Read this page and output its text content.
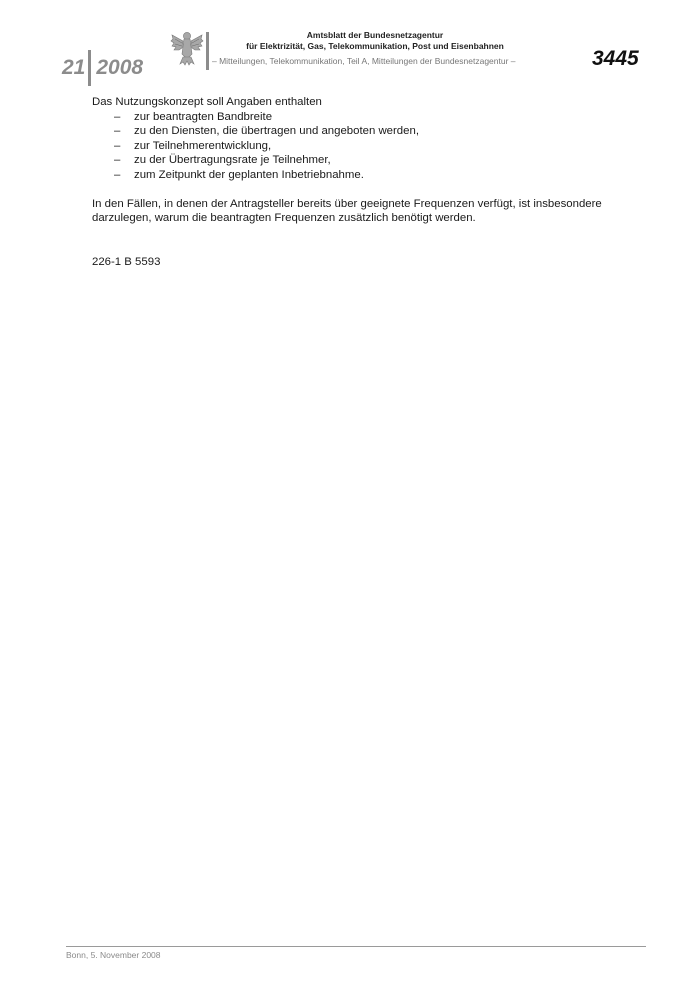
21 2008
Amtsblatt der Bundesnetzagentur
für Elektrizität, Gas, Telekommunikation, Post und Eisenbahnen
– Mitteilungen, Telekommunikation, Teil A, Mitteilungen der Bundesnetzagentur –	3445

Das Nutzungskonzept soll Angaben enthalten

– zur beantragten Bandbreite
– zu den Diensten, die übertragen und angeboten werden,
– zur Teilnehmerentwicklung,
– zu der Übertragungsrate je Teilnehmer,
– zum Zeitpunkt der geplanten Inbetriebnahme.

In den Fällen, in denen der Antragsteller bereits über geeignete Frequenzen verfügt, ist insbesondere darzulegen, warum die beantragten Frequenzen zusätzlich benötigt werden.

226-1 B 5593

Bonn, 5. November 2008
